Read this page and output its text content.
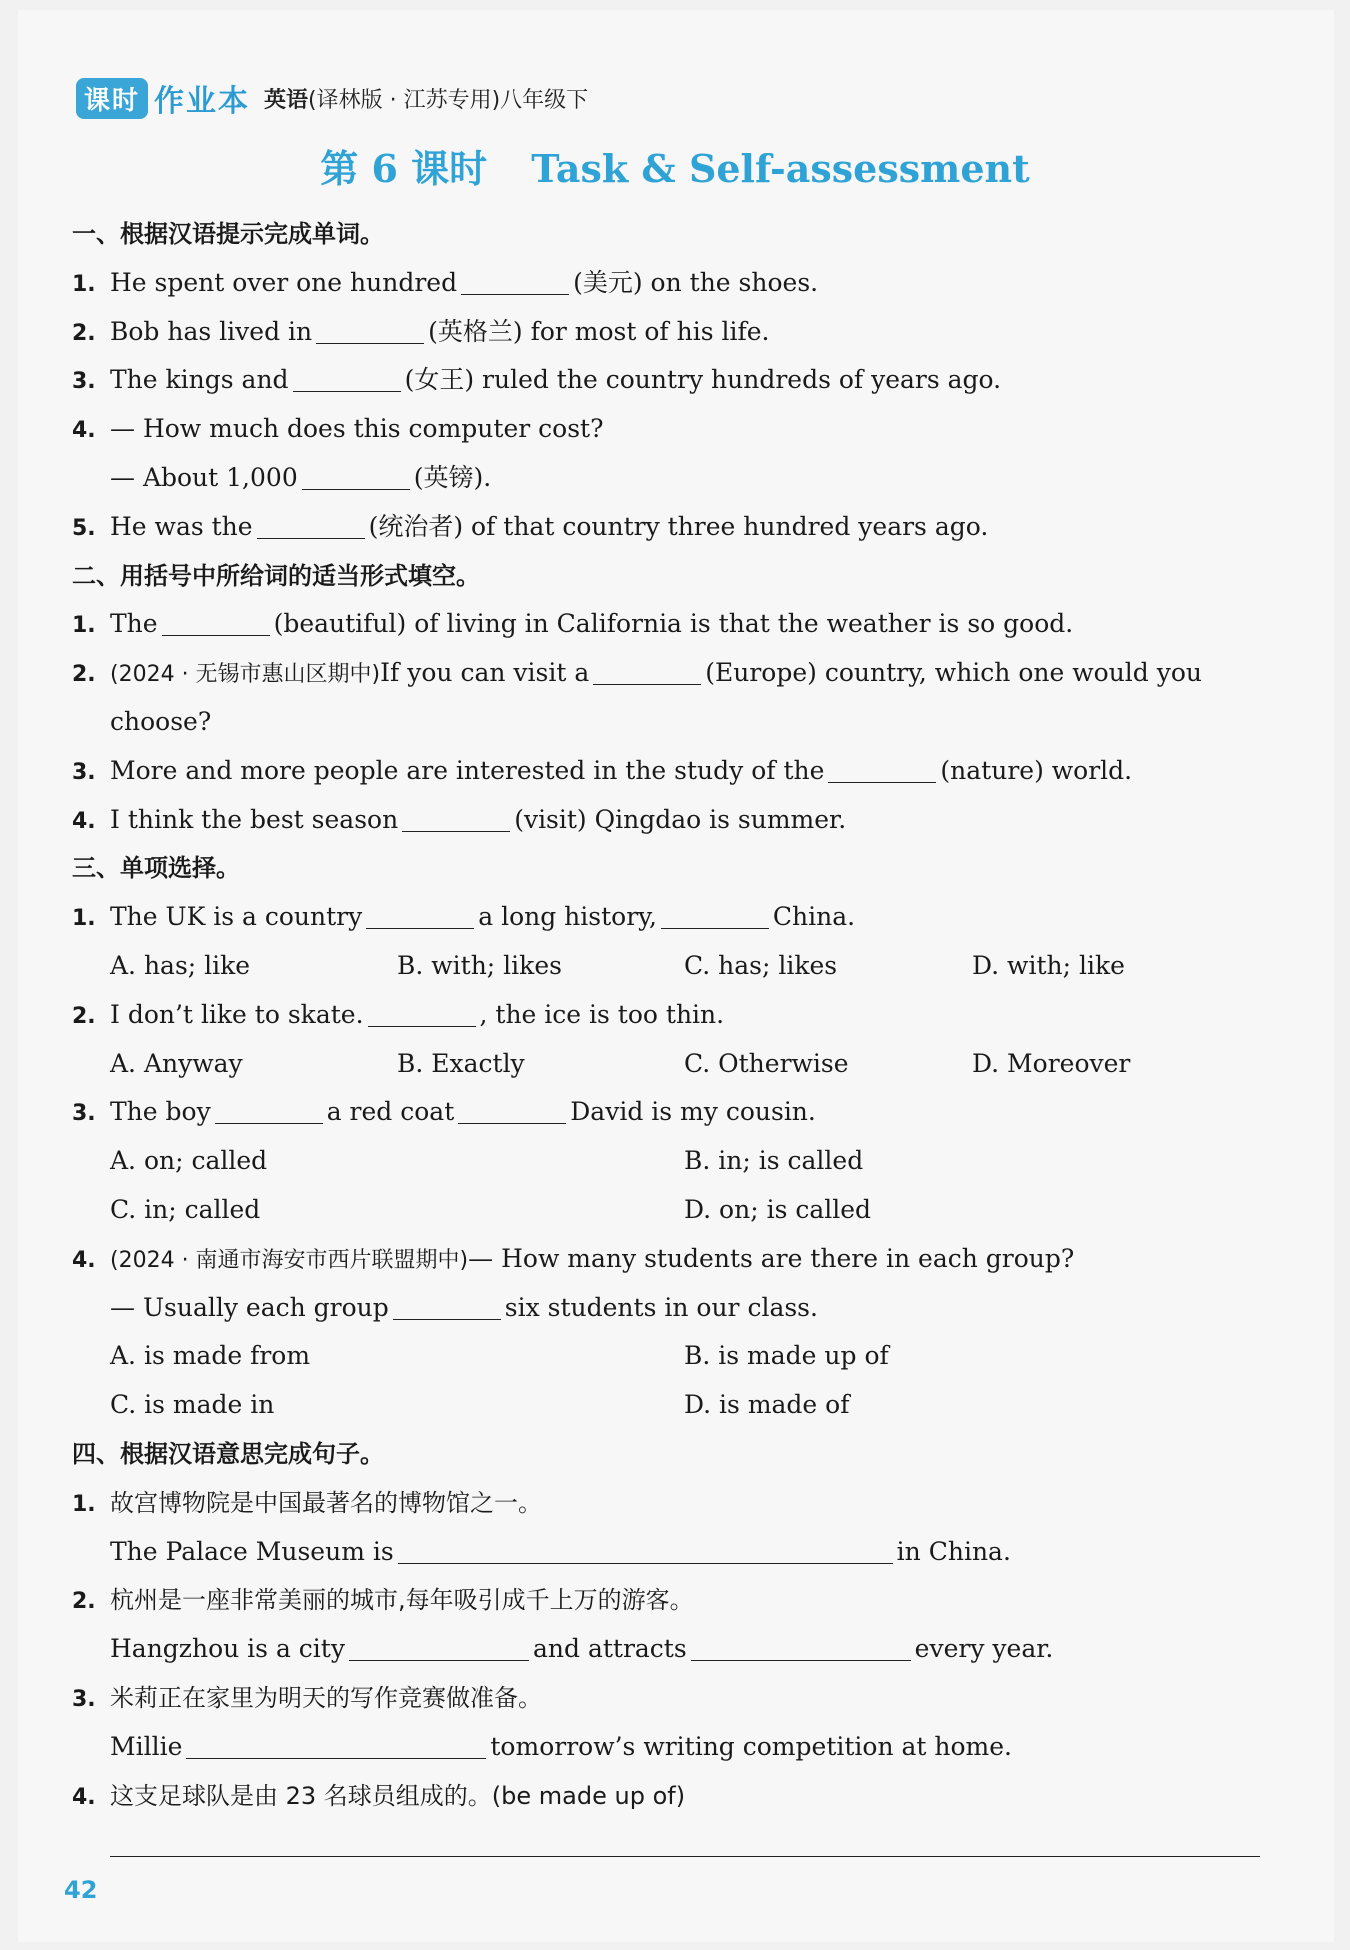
课时 作业本 英语(译林版 · 江苏专用)八年级下
第 6 课时 Task & Self-assessment
一、根据汉语提示完成单词。
1. He spent over one hundred	(美元) on the shoes.
2. Bob has lived in	(英格兰) for most of his life.
3. The kings and	(女王) ruled the country hundreds of years ago.
4. — How much does this computer cost?
— About 1,000	(英镑).
5. He was the	(统治者) of that country three hundred years ago.
二、用括号中所给词的适当形式填空。
1. The	(beautiful) of living in California is that the weather is so good.
2. (2024 · 无锡市惠山区期中)If you can visit a	(Europe) country, which one would you
choose?
3. More and more people are interested in the study of the	(nature) world.
4. I think the best season	(visit) Qingdao is summer.
三、单项选择。
1. The UK is a country	a long history,	China.
A. has; like	B. with; likes	C. has; likes	D. with; like
2. I don’t like to skate.	, the ice is too thin.
A. Anyway	B. Exactly	C. Otherwise	D. Moreover
3. The boy	a red coat	David is my cousin.
A. on; called	B. in; is called
C. in; called	D. on; is called
4. (2024 · 南通市海安市西片联盟期中)— How many students are there in each group?
— Usually each group	six students in our class.
A. is made from	B. is made up of
C. is made in	D. is made of
四、根据汉语意思完成句子。
1. 故宫博物院是中国最著名的博物馆之一。
The Palace Museum is	in China.
2. 杭州是一座非常美丽的城市,每年吸引成千上万的游客。
Hangzhou is a city	and attracts	every year.
3. 米莉正在家里为明天的写作竞赛做准备。
Millie	tomorrow’s writing competition at home.
4. 这支足球队是由 23 名球员组成的。(be made up of)
42
